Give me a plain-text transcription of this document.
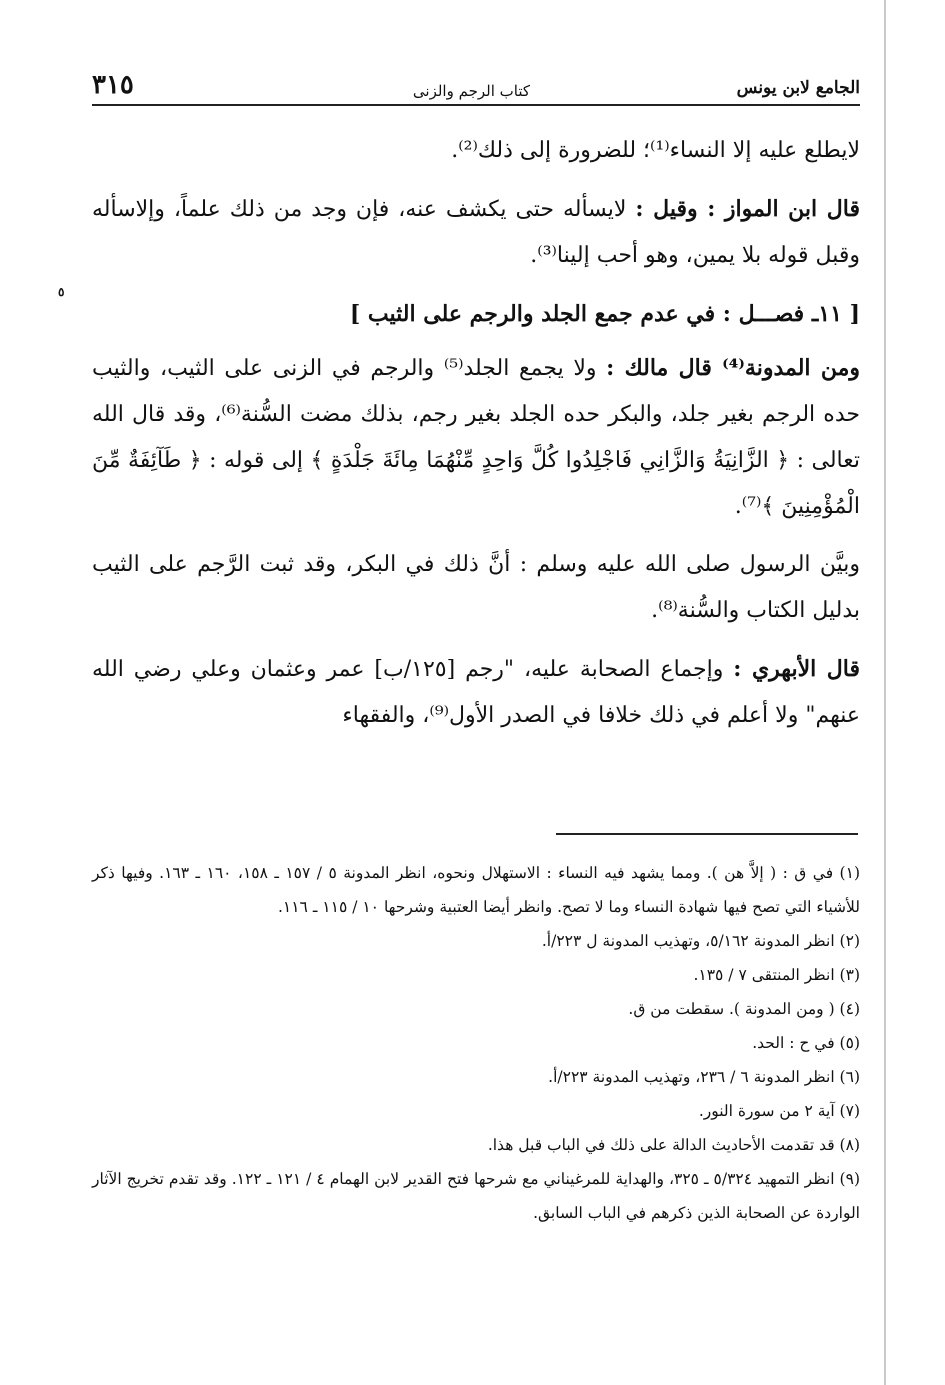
الجامع لابن يونس
كتاب الرجم والزنى
٣١٥
٥

لايطلع عليه إلا النساء⁽¹⁾؛ للضرورة إلى ذلك⁽²⁾.

قال ابن المواز : وقيل : لايسأله حتى يكشف عنه، فإن وجد من ذلك علماً، وإلاسأله وقبل قوله بلا يمين، وهو أحب إلينا⁽³⁾.

[ ١١ـ فصـــل : في عدم جمع الجلد والرجم على الثيب ]

ومن المدونة⁽⁴⁾ قال مالك : ولا يجمع الجلد⁽⁵⁾ والرجم في الزنى على الثيب، والثيب حده الرجم بغير جلد، والبكر حده الجلد بغير رجم، بذلك مضت السُّنة⁽⁶⁾، وقد قال الله تعالى : ﴿ الزَّانِيَةُ وَالزَّانِي فَاجْلِدُوا كُلَّ وَاحِدٍ مِّنْهُمَا مِائَةَ جَلْدَةٍ ﴾ إلى قوله : ﴿ طَآئِفَةٌ مِّنَ الْمُؤْمِنِينَ ﴾⁽⁷⁾.

وبيَّن الرسول صلى الله عليه وسلم : أنَّ ذلك في البكر، وقد ثبت الرَّجم على الثيب بدليل الكتاب والسُّنة⁽⁸⁾.

قال الأبهري : وإجماع الصحابة عليه، "رجم [١٢٥/ب] عمر وعثمان وعلي رضي الله عنهم" ولا أعلم في ذلك خلافا في الصدر الأول⁽⁹⁾، والفقهاء

(١) في ق : ( إلاَّ هن ). ومما يشهد فيه النساء : الاستهلال ونحوه، انظر المدونة ٥ / ١٥٧ ـ ١٥٨، ١٦٠ ـ ١٦٣. وفيها ذكر للأشياء التي تصح فيها شهادة النساء وما لا تصح. وانظر أيضا العتبية وشرحها ١٠ / ١١٥ ـ ١١٦.

(٢) انظر المدونة ٥/١٦٢، وتهذيب المدونة ل ٢٢٣/أ.

(٣) انظر المنتقى ٧ / ١٣٥.

(٤) ( ومن المدونة ). سقطت من ق.

(٥) في ح : الحد.

(٦) انظر المدونة ٦ / ٢٣٦، وتهذيب المدونة ٢٢٣/أ.

(٧) آية ٢ من سورة النور.

(٨) قد تقدمت الأحاديث الدالة على ذلك في الباب قبل هذا.

(٩) انظر التمهيد ٥/٣٢٤ ـ ٣٢٥، والهداية للمرغيناني مع شرحها فتح القدير لابن الهمام ٤ / ١٢١ ـ ١٢٢. وقد تقدم تخريج الآثار الواردة عن الصحابة الذين ذكرهم في الباب السابق.
